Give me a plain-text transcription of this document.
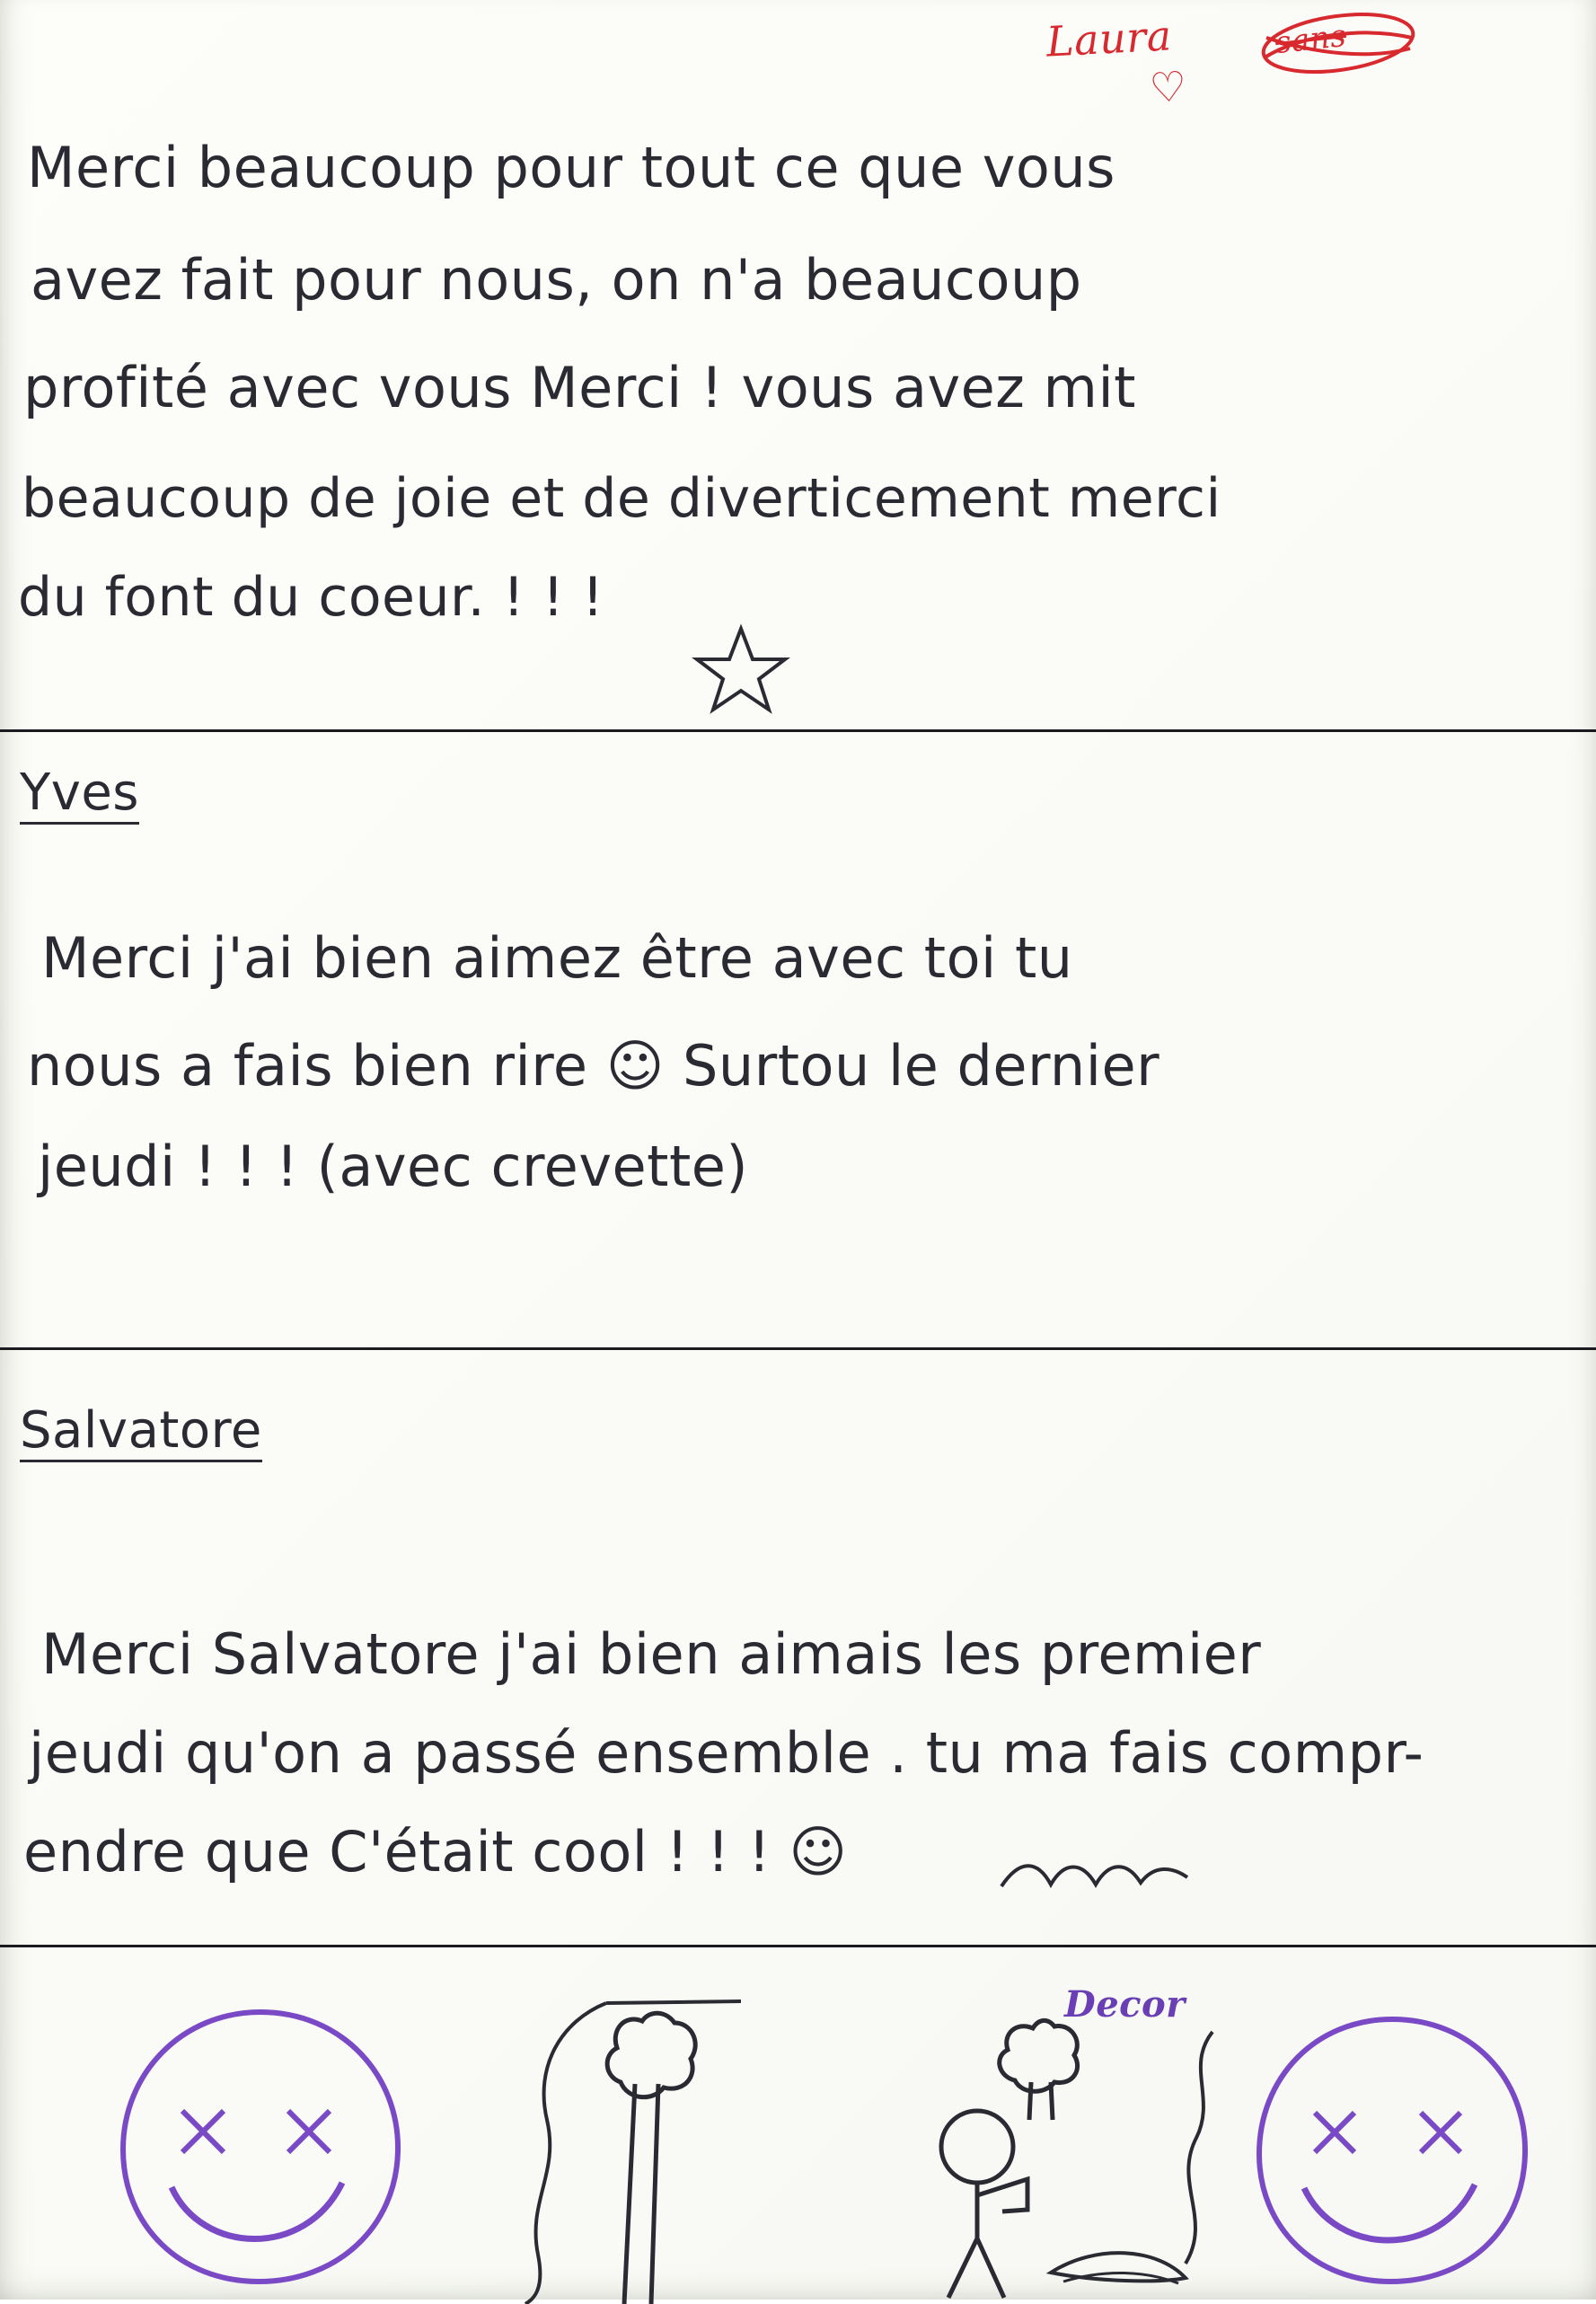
Laura	sans
♡
Merci beaucoup pour tout ce que vous
avez fait pour nous, on n'a beaucoup
profité avec vous Merci ! vous avez mit
beaucoup de joie et de diverticement merci
du font du coeur. ! ! !
Yves
Merci j'ai bien aimez être avec toi tu
nous a fais bien rire ☺ Surtou le dernier
jeudi ! ! ! (avec crevette)
Salvatore
Merci Salvatore j'ai bien aimais les premier
jeudi qu'on a passé ensemble . tu ma fais compr-
endre que C'était cool ! ! ! ☺
Decor
